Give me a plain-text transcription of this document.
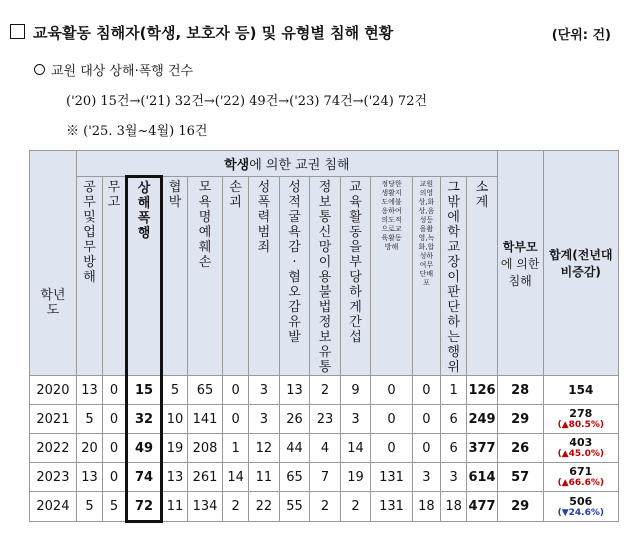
교육활동 침해자(학생, 보호자 등) 및 유형별 침해 현황	(단위: 건)
교원 대상 상해·폭행 건수
('20) 15건→('21) 32건→('22) 49건→('23) 74건→('24) 72건
※ ('25. 3월~4월) 16건
학년도	학생에 의한 교권 침해														학부모에 의한 침해	합계(전년대비증감)
	공무및업무방해	무고	상해폭행	협박	모욕명예훼손	손괴	성폭력범죄	성적굴욕감·혐오감유발	정보통신망이용불법정보유통	교육활동을부당하게간섭	정당한생활지도에불응하여의도적으로교육활동방해	교원의영상,화상,음성등을촬영,녹화,합성하여무단배포	그밖에학교장이판단하는행위	소계		
2020	13	0	15	5	65	0	3	13	2	9	0	0	1	126	28	154

2021	5	0	32	10	141	0	3	26	23	3	0	0	6	249	29	278
(▲80.5%)

2022	20	0	49	19	208	1	12	44	4	14	0	0	6	377	26	403
(▲45.0%)

2023	13	0	74	13	261	14	11	65	7	19	131	3	3	614	57	671
(▲66.6%)

2024	5	5	72	11	134	2	22	55	2	2	131	18	18	477	29	506
(▼24.6%)
